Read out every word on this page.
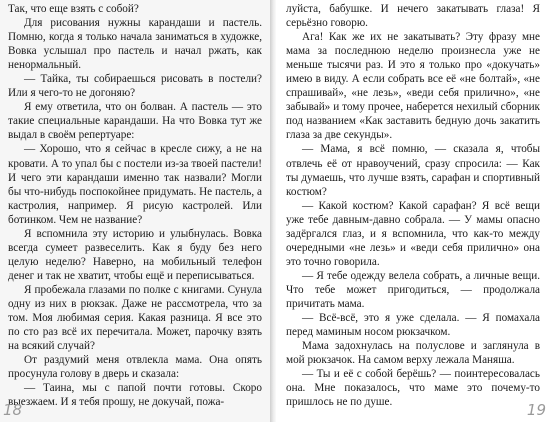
Так, что еще взять с собой?

Для рисования нужны карандаши и пастель. Помню, когда я только начала заниматься в художке, Вовка услышал про пастель и начал ржать, как ненормальный.

— Тайка, ты собираешься рисовать в постели? Или я чего-то не догоняю?

Я ему ответила, что он болван. А пастель — это такие специальные карандаши. На что Вовка тут же выдал в своём репертуаре:

— Хорошо, что я сейчас в кресле сижу, а не на кровати. А то упал бы с постели из-за твоей пастели! И чего эти карандаши именно так назвали? Могли бы что-нибудь поспокойнее придумать. Не пастель, а кастролия, например. Я рисую кастролей. Или ботинком. Чем не название?

Я вспомнила эту историю и улыбнулась. Вовка всегда сумеет развеселить. Как я буду без него целую неделю? Наверно, на мобильный телефон денег и так не хватит, чтобы ещё и переписываться.

Я пробежала глазами по полке с книгами. Сунула одну из них в рюкзак. Даже не рассмотрела, что за том. Моя любимая серия. Какая разница. Я все это по сто раз всё их перечитала. Может, парочку взять на всякий случай?

От раздумий меня отвлекла мама. Она опять просунула голову в дверь и сказала:

— Таина, мы с папой почти готовы. Скоро выезжаем. И я тебя прошу, не докучай, пожа-

18

луйста, бабушке. И нечего закатывать глаза! Я серьёзно говорю.

Ага! Как же их не закатывать? Эту фразу мне мама за последнюю неделю произнесла уже не меньше тысячи раз. И это я только про «докучать» имею в виду. А если собрать все её «не болтай», «не спрашивай», «не лезь», «веди себя прилично», «не забывай» и тому прочее, наберется нехилый сборник под названием «Как заставить бедную дочь закатить глаза за две секунды».

— Мама, я всё помню, — сказала я, чтобы отвлечь её от нравоучений, сразу спросила: — Как ты думаешь, что лучше взять, сарафан и спортивный костюм?

— Какой костюм? Какой сарафан? Я всё вещи уже тебе давным-давно собрала. — У мамы опасно задёргался глаз, и я вспомнила, что как-то между очередными «не лезь» и «веди себя прилично» она это точно говорила.

— Я тебе одежду велела собрать, а личные вещи. Что тебе может пригодиться, — продолжала причитать мама.

— Всё-всё, это я уже сделала. — Я помахала перед маминым носом рюкзачком.

Мама задохнулась на полуслове и заглянула в мой рюкзачок. На самом верху лежала Маняша.

— Ты и её с собой берёшь? — поинтересовалась она. Мне показалось, что маме это почему-то пришлось не по душе.	19
